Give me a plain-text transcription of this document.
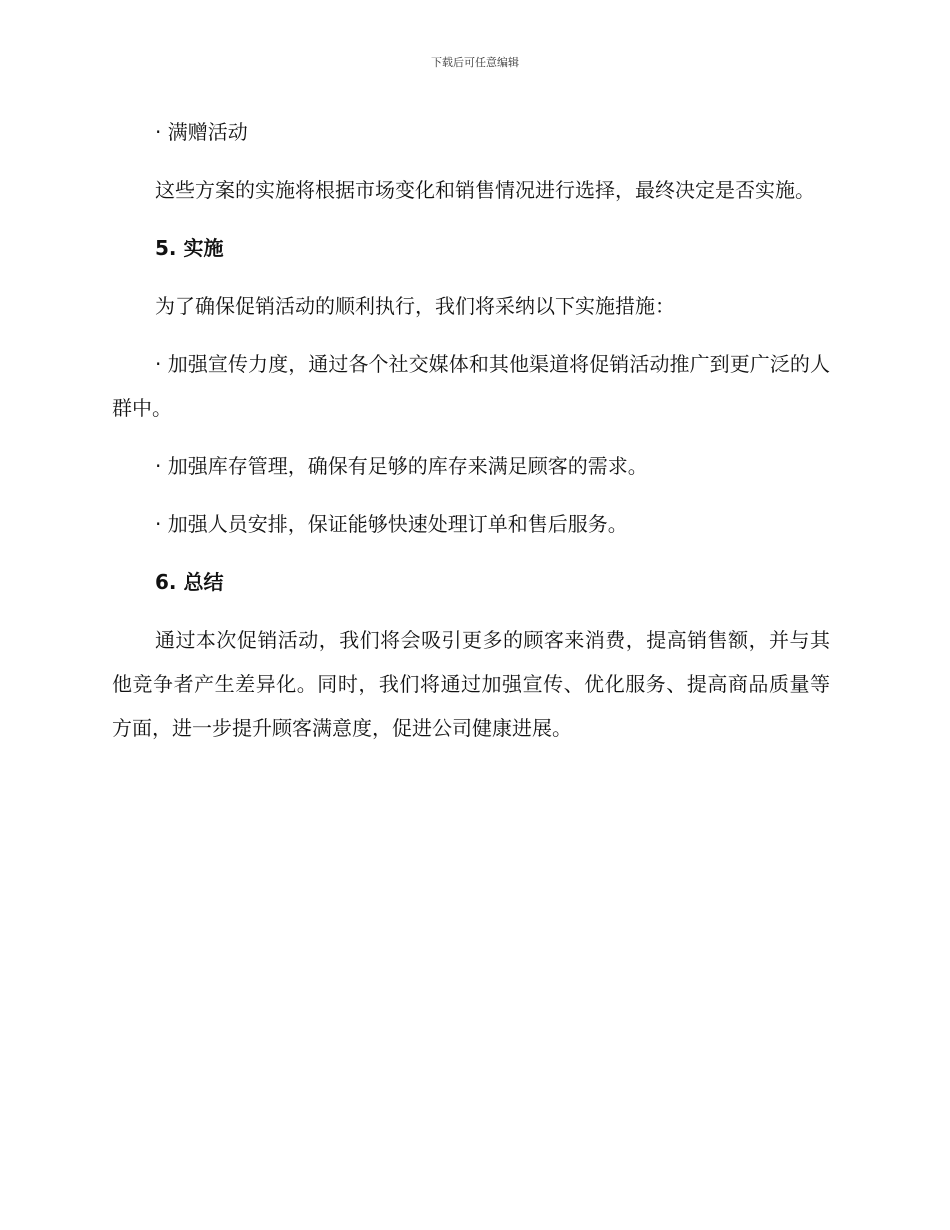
下载后可任意编辑

· 满赠活动

这些方案的实施将根据市场变化和销售情况进行选择，最终决定是否实施。

5. 实施

为了确保促销活动的顺利执行，我们将采纳以下实施措施：

· 加强宣传力度，通过各个社交媒体和其他渠道将促销活动推广到更广泛的人群中。

· 加强库存管理，确保有足够的库存来满足顾客的需求。

· 加强人员安排，保证能够快速处理订单和售后服务。

6. 总结

通过本次促销活动，我们将会吸引更多的顾客来消费，提高销售额，并与其他竞争者产生差异化。同时，我们将通过加强宣传、优化服务、提高商品质量等方面，进一步提升顾客满意度，促进公司健康进展。
